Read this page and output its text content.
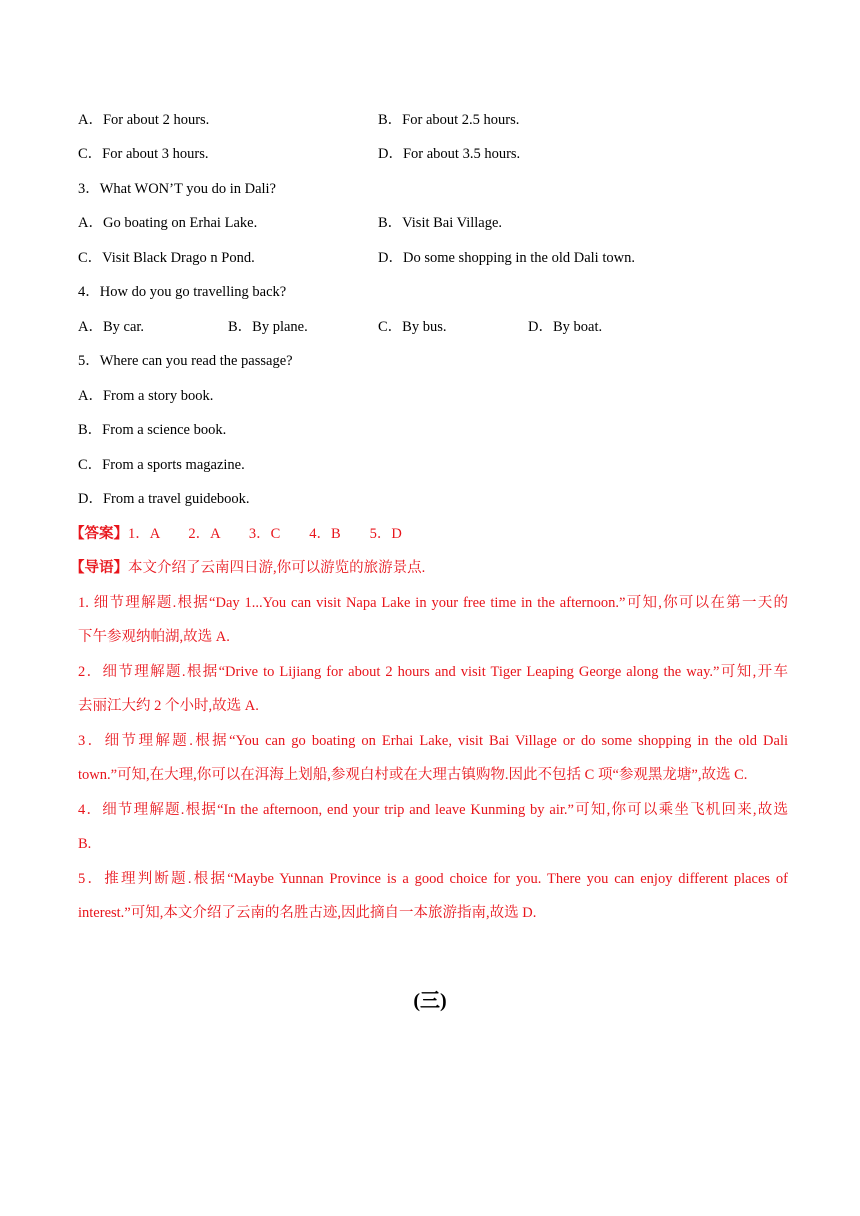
A．For about 2 hours.	B．For about 2.5 hours.
C．For about 3 hours.	D．For about 3.5 hours.
3．What WON’T you do in Dali?
A．Go boating on Erhai Lake.	B．Visit Bai Village.
C．Visit Black Drago n Pond.	D．Do some shopping in the old Dali town.
4．How do you go travelling back?
A．By car.	B．By plane.	C．By bus.	D．By boat.
5．Where can you read the passage?
A．From a story book.
B．From a science book.
C．From a sports magazine.
D．From a travel guidebook.
【答案】1．A　　2．A　　3．C　　4．B　　5．D
【导语】本文介绍了云南四日游,你可以游览的旅游景点.
1. 细节理解题.根据“Day 1...You can visit Napa Lake in your free time in the afternoon.”可知,你可以在第一天的
下午参观纳帕湖,故选 A.
2．细节理解题.根据“Drive to Lijiang for about 2 hours and visit Tiger Leaping George along the way.”可知,开车
去丽江大约 2 个小时,故选 A.
3．细节理解题.根据“You can go boating on Erhai Lake, visit Bai Village or do some shopping in the old Dali
town.”可知,在大理,你可以在洱海上划船,参观白村或在大理古镇购物.因此不包括 C 项“参观黑龙塘”,故选 C.
4．细节理解题.根据“In the afternoon, end your trip and leave Kunming by air.”可知,你可以乘坐飞机回来,故选
B.
5．推理判断题.根据“Maybe Yunnan Province is a good choice for you. There you can enjoy different places of
interest.”可知,本文介绍了云南的名胜古迹,因此摘自一本旅游指南,故选 D.
(三)
